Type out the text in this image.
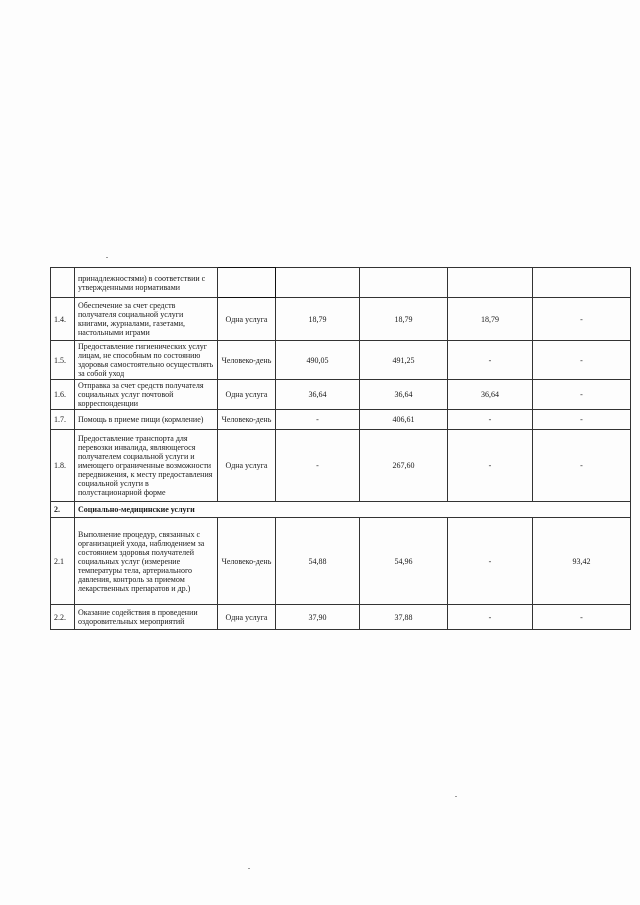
	принадлежностями) в соответствии с утвержденными нормативами					
1.4.	Обеспечение за счет средств получателя социальной услуги книгами, журналами, газетами, настольными играми	Одна услуга	18,79	18,79	18,79	-
1.5.	Предоставление гигиенических услуг лицам, не способным по состоянию здоровья самостоятельно осуществлять за собой уход	Человеко-день	490,05	491,25	-	-
1.6.	Отправка за счет средств получателя социальных услуг почтовой корреспонденции	Одна услуга	36,64	36,64	36,64	-
1.7.	Помощь в приеме пищи (кормление)	Человеко-день	-	406,61	-	-
1.8.	Предоставление транспорта для перевозки инвалида, являющегося получателем социальной услуги и имеющего ограниченные возможности передвижения, к месту предоставления социальной услуги в полустационарной форме	Одна услуга	-	267,60	-	-
2.	Социально-медицинские услуги					
2.1	Выполнение процедур, связанных с организацией ухода, наблюдением за состоянием здоровья получателей социальных услуг (измерение температуры тела, артериального давления, контроль за приемом лекарственных препаратов и др.)	Человеко-день	54,88	54,96	-	93,42
2.2.	Оказание содействия в проведении оздоровительных мероприятий	Одна услуга	37,90	37,88	-	-
